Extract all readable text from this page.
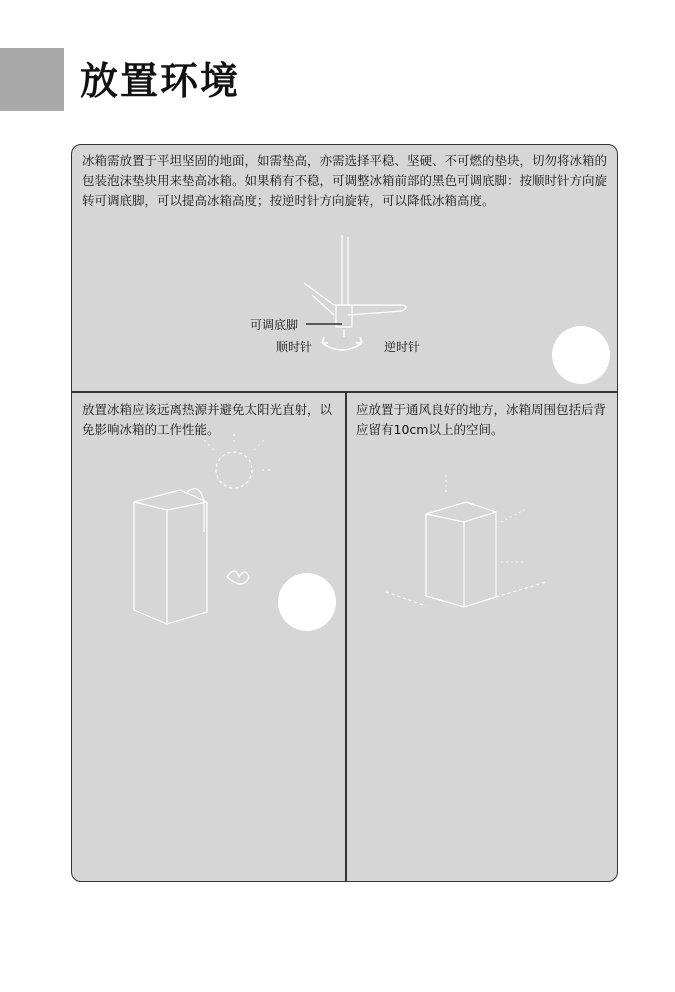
放置环境

冰箱需放置于平坦坚固的地面，如需垫高，亦需选择平稳、坚硬、不可燃的垫块，切勿将冰箱的包装泡沫垫块用来垫高冰箱。如果稍有不稳，可调整冰箱前部的黑色可调底脚：按顺时针方向旋转可调底脚，可以提高冰箱高度；按逆时针方向旋转，可以降低冰箱高度。

可调底脚
顺时针	逆时针

放置冰箱应该远离热源并避免太阳光直射，以免影响冰箱的工作性能。

应放置于通风良好的地方，冰箱周围包括后背应留有10cm以上的空间。
